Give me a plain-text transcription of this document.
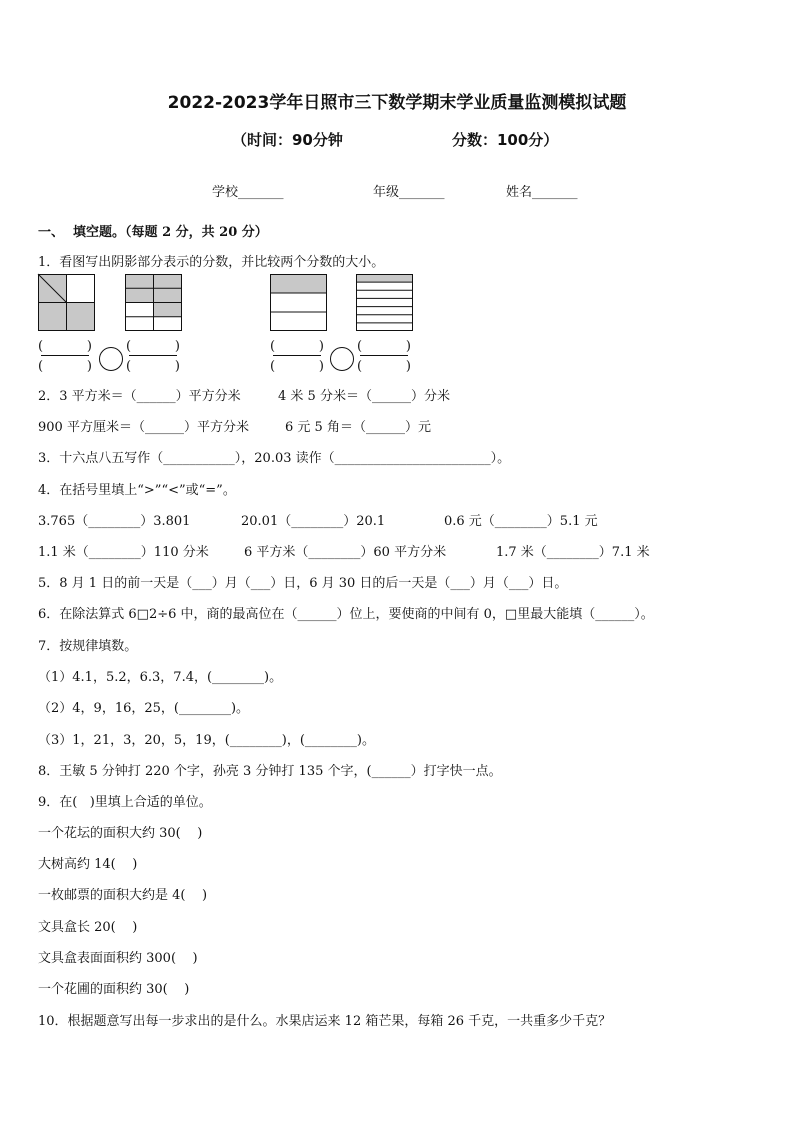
2022-2023学年日照市三下数学期末学业质量监测模拟试题
（时间：90分钟	分数：100分）
学校_______	年级_______	姓名_______
一、  填空题。（每题 2 分，共 20 分）
1．看图写出阴影部分表示的分数，并比较两个分数的大小。
(	)
(	)
(	)
(	)
(	)
(	)
(	)
(	)
2．3 平方米＝（______）平方分米	4 米 5 分米＝（______）分米
900 平方厘米＝（______）平方分米	6 元 5 角＝（______）元
3．十六点八五写作（___________），20.03 读作（________________________）。
4．在括号里填上“>”“<”或“=”。
3.765（________）3.801	20.01（________）20.1	0.6 元（________）5.1 元
1.1 米（________）110 分米	6 平方米（________）60 平方分米	1.7 米（________）7.1 米
5．8 月 1 日的前一天是（___）月（___）日，6 月 30 日的后一天是（___）月（___）日。
6．在除法算式 6□2÷6 中，商的最高位在（______）位上，要使商的中间有 0，□里最大能填（______）。
7．按规律填数。
（1）4.1，5.2，6.3，7.4，(________)。
（2）4，9，16，25，(________)。
（3）1，21，3，20，5，19，(________)，(________)。
8．王敏 5 分钟打 220 个字，孙亮 3 分钟打 135 个字，(______）打字快一点。
9．在(   )里填上合适的单位。
一个花坛的面积大约 30(    )
大树高约 14(    )
一枚邮票的面积大约是 4(    )
文具盒长 20(    )
文具盒表面面积约 300(    )
一个花圃的面积约 30(    )
10．根据题意写出每一步求出的是什么。水果店运来 12 箱芒果，每箱 26 千克，一共重多少千克？
